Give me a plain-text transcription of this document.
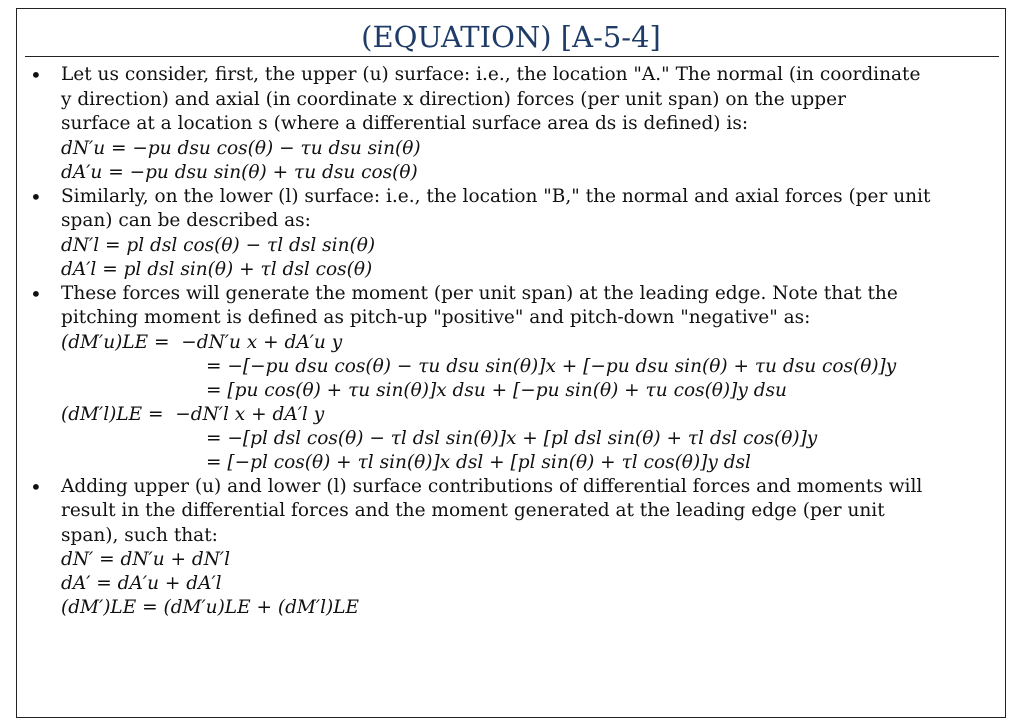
(EQUATION) [A-5-4]
•
Let us consider, first, the upper (u) surface: i.e., the location "A." The normal (in coordinate
y direction) and axial (in coordinate x direction) forces (per unit span) on the upper
surface at a location s (where a differential surface area ds is defined) is:
dN′u = −pu dsu cos(θ) − τu dsu sin(θ)
dA′u = −pu dsu sin(θ) + τu dsu cos(θ)
•
Similarly, on the lower (l) surface: i.e., the location "B," the normal and axial forces (per unit
span) can be described as:
dN′l = pl dsl cos(θ) − τl dsl sin(θ)
dA′l = pl dsl sin(θ) + τl dsl cos(θ)
•
These forces will generate the moment (per unit span) at the leading edge. Note that the
pitching moment is defined as pitch-up "positive" and pitch-down "negative" as:
(dM′u)LE =  −dN′u x + dA′u y
= −[−pu dsu cos(θ) − τu dsu sin(θ)]x + [−pu dsu sin(θ) + τu dsu cos(θ)]y
= [pu cos(θ) + τu sin(θ)]x dsu + [−pu sin(θ) + τu cos(θ)]y dsu
(dM′l)LE =  −dN′l x + dA′l y
= −[pl dsl cos(θ) − τl dsl sin(θ)]x + [pl dsl sin(θ) + τl dsl cos(θ)]y
= [−pl cos(θ) + τl sin(θ)]x dsl + [pl sin(θ) + τl cos(θ)]y dsl
•
Adding upper (u) and lower (l) surface contributions of differential forces and moments will
result in the differential forces and the moment generated at the leading edge (per unit
span), such that:
dN′ = dN′u + dN′l
dA′ = dA′u + dA′l
(dM′)LE = (dM′u)LE + (dM′l)LE
